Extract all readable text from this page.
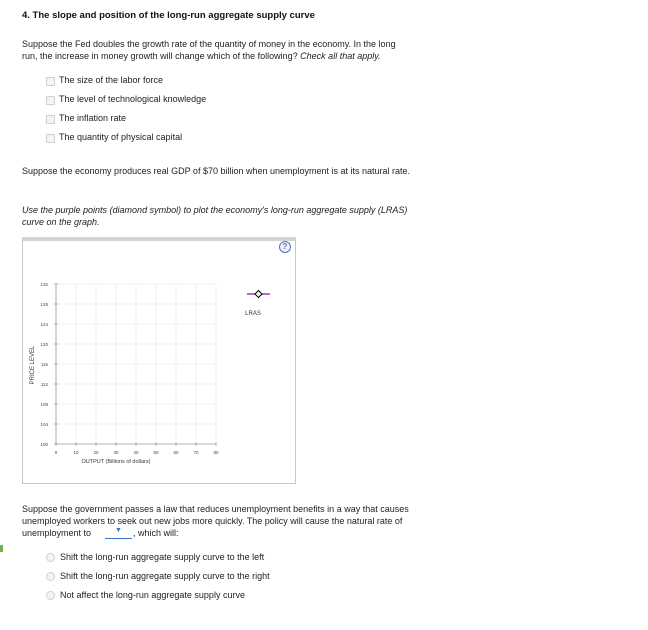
4. The slope and position of the long-run aggregate supply curve
Suppose the Fed doubles the growth rate of the quantity of money in the economy. In the long
run, the increase in money growth will change which of the following? Check all that apply.
The size of the labor force
The level of technological knowledge
The inflation rate
The quantity of physical capital
Suppose the economy produces real GDP of $70 billion when unemployment is at its natural rate.
Use the purple points (diamond symbol) to plot the economy's long-run aggregate supply (LRAS)
curve on the graph.
?
100
104
108
112
116
120
124
128
132
0	10	20	30	40	50	60	70	80
PRICE LEVEL
OUTPUT (Billions of dollars)
LRAS
Suppose the government passes a law that reduces unemployment benefits in a way that causes
unemployed workers to seek out new jobs more quickly. The policy will cause the natural rate of
unemployment to	▼ , which will:
Shift the long-run aggregate supply curve to the left
Shift the long-run aggregate supply curve to the right
Not affect the long-run aggregate supply curve
